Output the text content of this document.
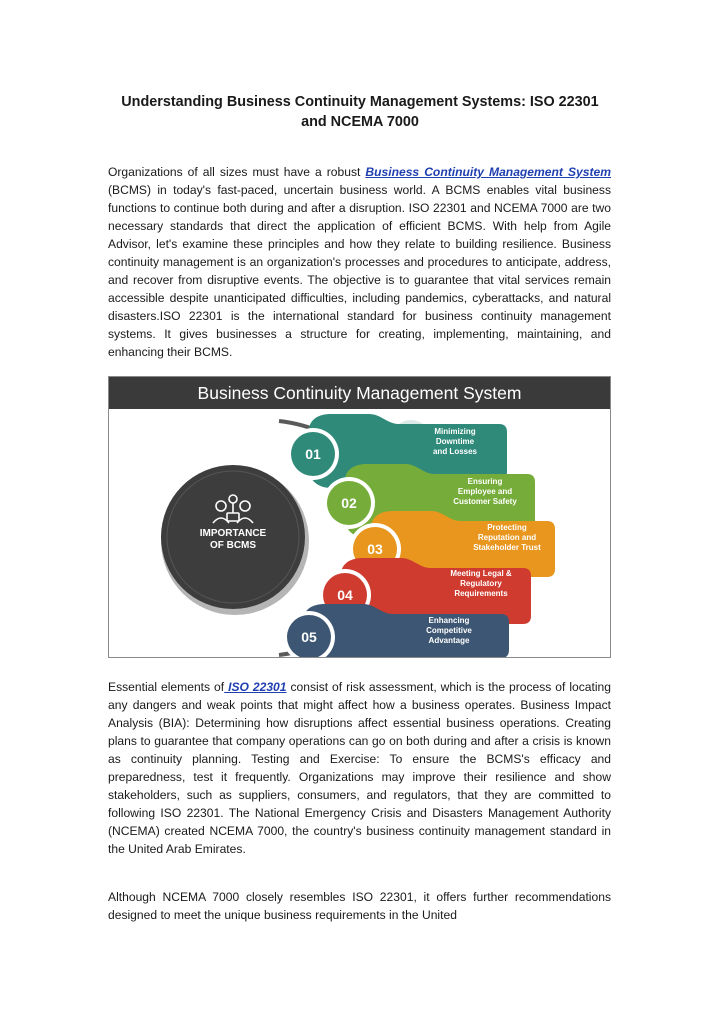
Understanding Business Continuity Management Systems: ISO 22301
and NCEMA 7000

Organizations of all sizes must have a robust Business Continuity Management System (BCMS) in today's fast-paced, uncertain business world. A BCMS enables vital business functions to continue both during and after a disruption. ISO 22301 and NCEMA 7000 are two necessary standards that direct the application of efficient BCMS. With help from Agile Advisor, let's examine these principles and how they relate to building resilience. Business continuity management is an organization's processes and procedures to anticipate, address, and recover from disruptive events. The objective is to guarantee that vital services remain accessible despite unanticipated difficulties, including pandemics, cyberattacks, and natural disasters.ISO 22301 is the international standard for business continuity management systems. It gives businesses a structure for creating, implementing, maintaining, and enhancing their BCMS.

Business Continuity Management System
01
02
03
04
05
Minimizing
Downtime
and Losses
Ensuring
Employee and
Customer Safety
Protecting
Reputation and
Stakeholder Trust
Meeting Legal &
Regulatory
Requirements
Enhancing
Competitive
Advantage
IMPORTANCE
OF BCMS

Essential elements of ISO 22301 consist of risk assessment, which is the process of locating any dangers and weak points that might affect how a business operates. Business Impact Analysis (BIA): Determining how disruptions affect essential business operations. Creating plans to guarantee that company operations can go on both during and after a crisis is known as continuity planning. Testing and Exercise: To ensure the BCMS's efficacy and preparedness, test it frequently. Organizations may improve their resilience and show stakeholders, such as suppliers, consumers, and regulators, that they are committed to following ISO 22301. The National Emergency Crisis and Disasters Management Authority (NCEMA) created NCEMA 7000, the country's business continuity management standard in the United Arab Emirates.

Although NCEMA 7000 closely resembles ISO 22301, it offers further recommendations designed to meet the unique business requirements in the United
